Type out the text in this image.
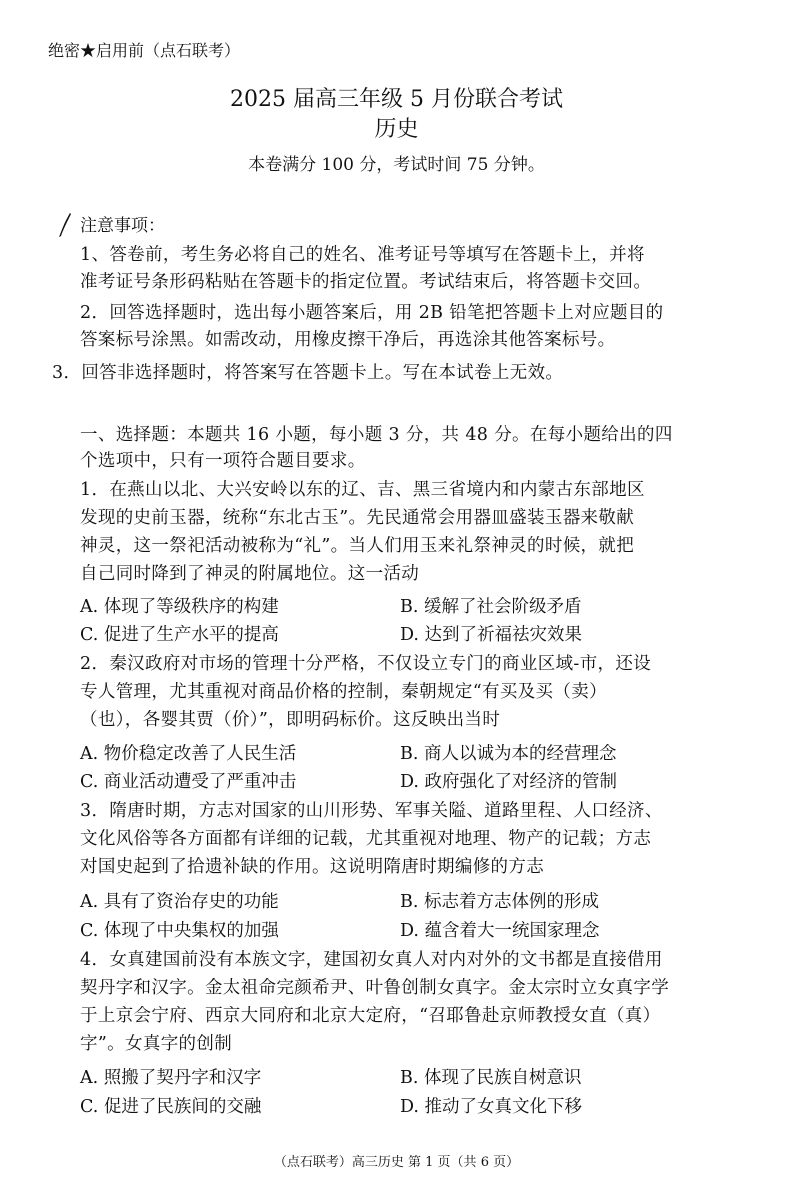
绝密★启用前（点石联考）
2025 届高三年级 5 月份联合考试
历史
本卷满分 100 分，考试时间 75 分钟。
注意事项：
1、答卷前，考生务必将自己的姓名、准考证号等填写在答题卡上，并将
准考证号条形码粘贴在答题卡的指定位置。考试结束后，将答题卡交回。
2．回答选择题时，选出每小题答案后，用 2B 铅笔把答题卡上对应题目的
答案标号涂黑。如需改动，用橡皮擦干净后，再选涂其他答案标号。
3．回答非选择题时，将答案写在答题卡上。写在本试卷上无效。
一、选择题：本题共 16 小题，每小题 3 分，共 48 分。在每小题给出的四
个选项中，只有一项符合题目要求。
1．在燕山以北、大兴安岭以东的辽、吉、黑三省境内和内蒙古东部地区
发现的史前玉器，统称“东北古玉”。先民通常会用器皿盛装玉器来敬献
神灵，这一祭祀活动被称为“礼”。当人们用玉来礼祭神灵的时候，就把
自己同时降到了神灵的附属地位。这一活动
A. 体现了等级秩序的构建	B. 缓解了社会阶级矛盾
C. 促进了生产水平的提高	D. 达到了祈福祛灾效果
2．秦汉政府对市场的管理十分严格，不仅设立专门的商业区域-市，还设
专人管理，尤其重视对商品价格的控制，秦朝规定“有买及买（卖）
（也），各婴其贾（价）”，即明码标价。这反映出当时
A. 物价稳定改善了人民生活	B. 商人以诚为本的经营理念
C. 商业活动遭受了严重冲击	D. 政府强化了对经济的管制
3．隋唐时期，方志对国家的山川形势、军事关隘、道路里程、人口经济、
文化风俗等各方面都有详细的记载，尤其重视对地理、物产的记载；方志
对国史起到了拾遗补缺的作用。这说明隋唐时期编修的方志
A. 具有了资治存史的功能	B. 标志着方志体例的形成
C. 体现了中央集权的加强	D. 蕴含着大一统国家理念
4．女真建国前没有本族文字，建国初女真人对内对外的文书都是直接借用
契丹字和汉字。金太祖命完颜希尹、叶鲁创制女真字。金太宗时立女真字学
于上京会宁府、西京大同府和北京大定府，“召耶鲁赴京师教授女直（真）
字”。女真字的创制
A. 照搬了契丹字和汉字	B. 体现了民族自树意识
C. 促进了民族间的交融	D. 推动了女真文化下移
（点石联考）高三历史 第 1 页（共 6 页）
